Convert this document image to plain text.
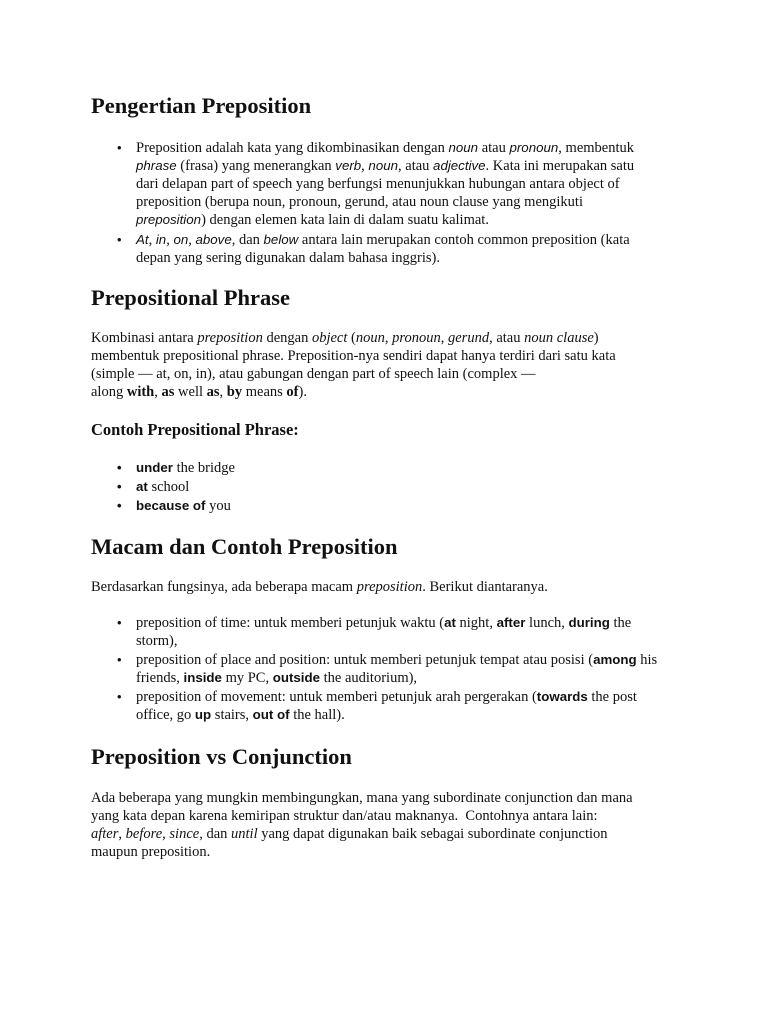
Pengertian Preposition
• Preposition adalah kata yang dikombinasikan dengan noun atau pronoun, membentuk
phrase (frasa) yang menerangkan verb, noun, atau adjective. Kata ini merupakan satu
dari delapan part of speech yang berfungsi menunjukkan hubungan antara object of
preposition (berupa noun, pronoun, gerund, atau noun clause yang mengikuti
preposition) dengan elemen kata lain di dalam suatu kalimat.
• At, in, on, above, dan below antara lain merupakan contoh common preposition (kata
depan yang sering digunakan dalam bahasa inggris).
Prepositional Phrase
Kombinasi antara preposition dengan object (noun, pronoun, gerund, atau noun clause)
membentuk prepositional phrase. Preposition-nya sendiri dapat hanya terdiri dari satu kata
(simple — at, on, in), atau gabungan dengan part of speech lain (complex —
along with, as well as, by means of).
Contoh Prepositional Phrase:
• under the bridge
• at school
• because of you
Macam dan Contoh Preposition
Berdasarkan fungsinya, ada beberapa macam preposition. Berikut diantaranya.
• preposition of time: untuk memberi petunjuk waktu (at night, after lunch, during the
storm),
• preposition of place and position: untuk memberi petunjuk tempat atau posisi (among his
friends, inside my PC, outside the auditorium),
• preposition of movement: untuk memberi petunjuk arah pergerakan (towards the post
office, go up stairs, out of the hall).
Preposition vs Conjunction
Ada beberapa yang mungkin membingungkan, mana yang subordinate conjunction dan mana
yang kata depan karena kemiripan struktur dan/atau maknanya.  Contohnya antara lain:
after, before, since, dan until yang dapat digunakan baik sebagai subordinate conjunction
maupun preposition.
